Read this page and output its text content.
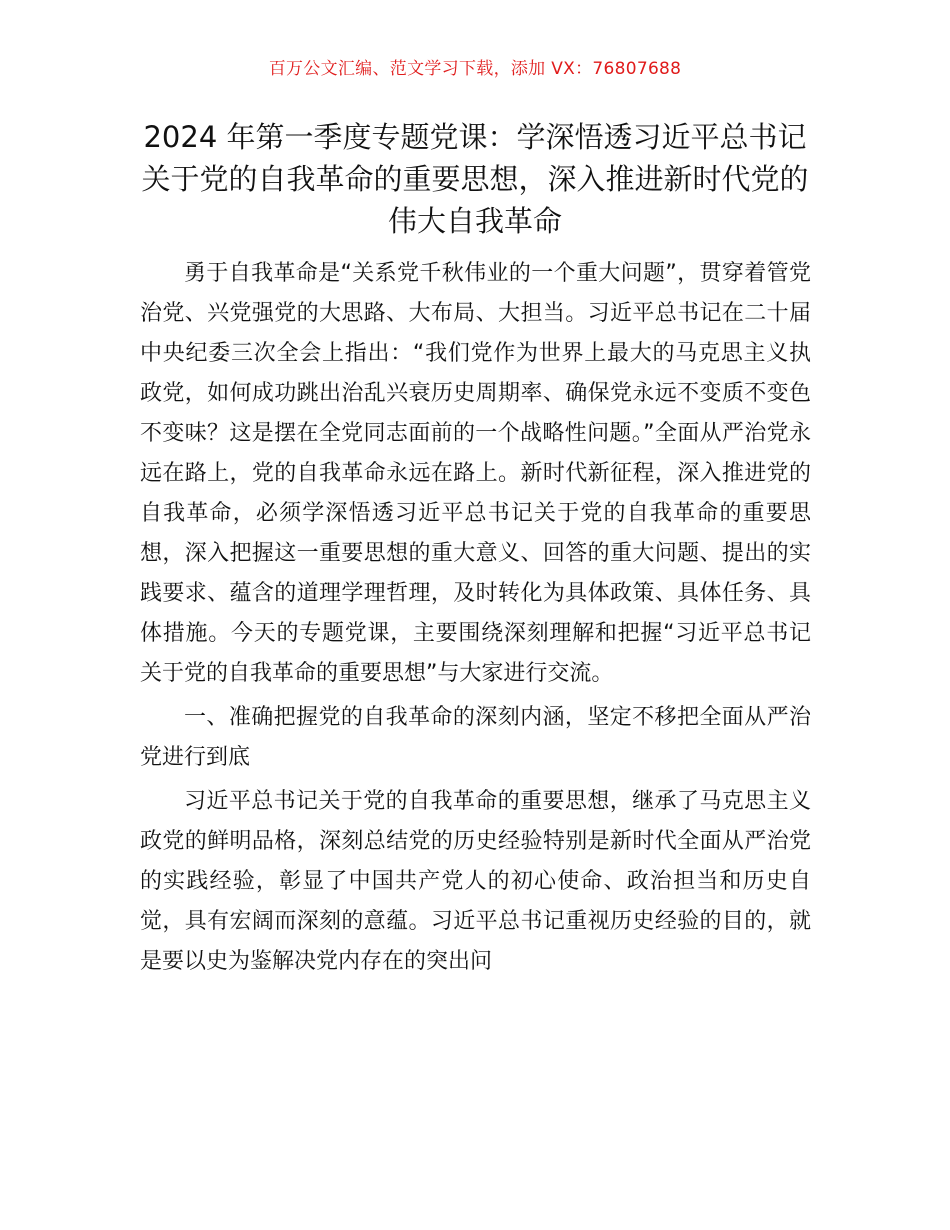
百万公文汇编、范文学习下载，添加 VX：76807688
2024 年第一季度专题党课：学深悟透习近平总书记关于党的自我革命的重要思想，深入推进新时代党的伟大自我革命

勇于自我革命是“关系党千秋伟业的一个重大问题”，贯穿着管党治党、兴党强党的大思路、大布局、大担当。习近平总书记在二十届中央纪委三次全会上指出：“我们党作为世界上最大的马克思主义执政党，如何成功跳出治乱兴衰历史周期率、确保党永远不变质不变色不变味？这是摆在全党同志面前的一个战略性问题。”全面从严治党永远在路上，党的自我革命永远在路上。新时代新征程，深入推进党的自我革命，必须学深悟透习近平总书记关于党的自我革命的重要思想，深入把握这一重要思想的重大意义、回答的重大问题、提出的实践要求、蕴含的道理学理哲理，及时转化为具体政策、具体任务、具体措施。今天的专题党课，主要围绕深刻理解和把握“习近平总书记关于党的自我革命的重要思想”与大家进行交流。

一、准确把握党的自我革命的深刻内涵，坚定不移把全面从严治党进行到底

习近平总书记关于党的自我革命的重要思想，继承了马克思主义政党的鲜明品格，深刻总结党的历史经验特别是新时代全面从严治党的实践经验，彰显了中国共产党人的初心使命、政治担当和历史自觉，具有宏阔而深刻的意蕴。习近平总书记重视历史经验的目的，就是要以史为鉴解决党内存在的突出问
